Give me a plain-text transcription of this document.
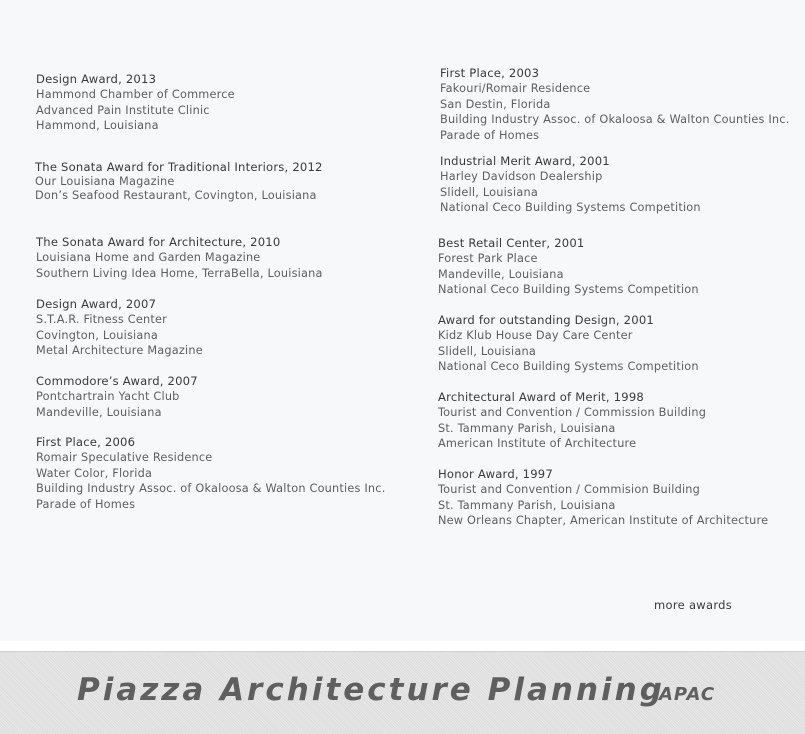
Design Award, 2013
Hammond Chamber of Commerce
Advanced Pain Institute Clinic
Hammond, Louisiana
The Sonata Award for Traditional Interiors, 2012
Our Louisiana Magazine
Don’s Seafood Restaurant, Covington, Louisiana
The Sonata Award for Architecture, 2010
Louisiana Home and Garden Magazine
Southern Living Idea Home, TerraBella, Louisiana
Design Award, 2007
S.T.A.R. Fitness Center
Covington, Louisiana
Metal Architecture Magazine
Commodore’s Award, 2007
Pontchartrain Yacht Club
Mandeville, Louisiana
First Place, 2006
Romair Speculative Residence
Water Color, Florida
Building Industry Assoc. of Okaloosa & Walton Counties Inc.
Parade of Homes
First Place, 2003
Fakouri/Romair Residence
San Destin, Florida
Building Industry Assoc. of Okaloosa & Walton Counties Inc.
Parade of Homes
Industrial Merit Award, 2001
Harley Davidson Dealership
Slidell, Louisiana
National Ceco Building Systems Competition
Best Retail Center, 2001
Forest Park Place
Mandeville, Louisiana
National Ceco Building Systems Competition
Award for outstanding Design, 2001
Kidz Klub House Day Care Center
Slidell, Louisiana
National Ceco Building Systems Competition
Architectural Award of Merit, 1998
Tourist and Convention / Commission Building
St. Tammany Parish, Louisiana
American Institute of Architecture
Honor Award, 1997
Tourist and Convention / Commision Building
St. Tammany Parish, Louisiana
New Orleans Chapter, American Institute of Architecture
more awards
Piazza Architecture Planning
APAC
